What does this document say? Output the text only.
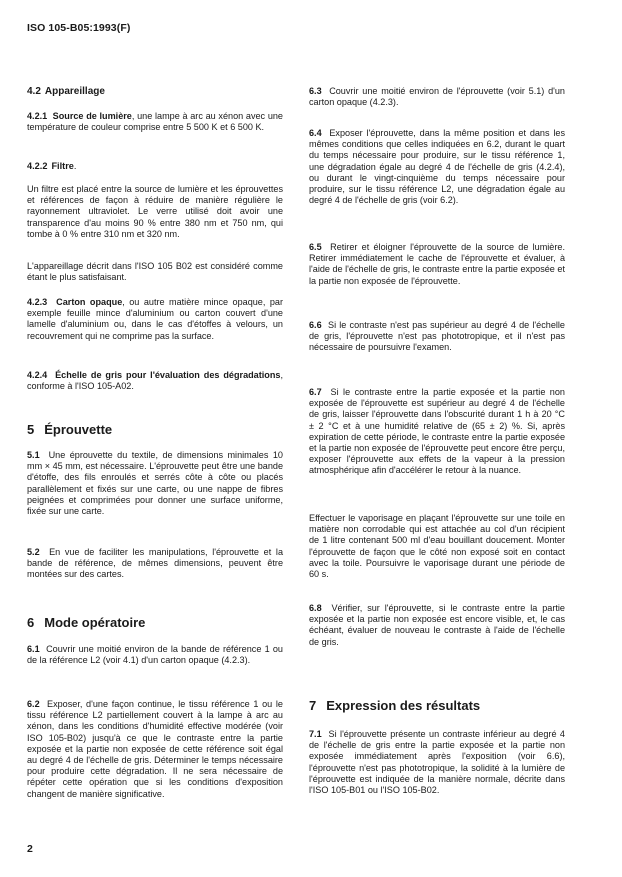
ISO 105-B05:1993(F)
4.2 Appareillage

4.2.1 Source de lumière, une lampe à arc au xénon avec une température de couleur comprise entre 5 500 K et 6 500 K.

4.2.2 Filtre.

Un filtre est placé entre la source de lumière et les éprouvettes et références de façon à réduire de manière régulière le rayonnement ultraviolet. Le verre utilisé doit avoir une transparence d'au moins 90 % entre 380 nm et 750 nm, qui tombe à 0 % entre 310 nm et 320 nm.

L'appareillage décrit dans l'ISO 105 B02 est considéré comme étant le plus satisfaisant.

4.2.3 Carton opaque, ou autre matière mince opaque, par exemple feuille mince d'aluminium ou carton couvert d'une lamelle d'aluminium ou, dans le cas d'étoffes à velours, un recouvrement qui ne comprime pas la surface.

4.2.4 Échelle de gris pour l'évaluation des dégradations, conforme à l'ISO 105-A02.

5 Éprouvette

5.1 Une éprouvette du textile, de dimensions minimales 10 mm × 45 mm, est nécessaire. L'éprouvette peut être une bande d'étoffe, des fils enroulés et serrés côte à côte ou placés parallèlement et fixés sur une carte, ou une nappe de fibres peignées et comprimées pour donner une surface uniforme, fixée sur une carte.

5.2 En vue de faciliter les manipulations, l'éprouvette et la bande de référence, de mêmes dimensions, peuvent être montées sur des cartes.

6 Mode opératoire

6.1 Couvrir une moitié environ de la bande de référence 1 ou de la référence L2 (voir 4.1) d'un carton opaque (4.2.3).

6.2 Exposer, d'une façon continue, le tissu référence 1 ou le tissu référence L2 partiellement couvert à la lampe à arc au xénon, dans les conditions d'humidité effective modérée (voir ISO 105-B02) jusqu'à ce que le contraste entre la partie exposée et la partie non exposée de cette référence soit égal au degré 4 de l'échelle de gris. Déterminer le temps nécessaire pour produire cette dégradation. Il ne sera nécessaire de répéter cette opération que si les conditions d'exposition changent de manière significative.

6.3 Couvrir une moitié environ de l'éprouvette (voir 5.1) d'un carton opaque (4.2.3).

6.4 Exposer l'éprouvette, dans la même position et dans les mêmes conditions que celles indiquées en 6.2, durant le quart du temps nécessaire pour produire, sur le tissu référence 1, une dégradation égale au degré 4 de l'échelle de gris (4.2.4), ou durant le vingt-cinquième du temps nécessaire pour produire, sur le tissu référence L2, une dégradation égale au degré 4 de l'échelle de gris (voir 6.2).

6.5 Retirer et éloigner l'éprouvette de la source de lumière. Retirer immédiatement le cache de l'éprouvette et évaluer, à l'aide de l'échelle de gris, le contraste entre la partie exposée et la partie non exposée de l'éprouvette.

6.6 Si le contraste n'est pas supérieur au degré 4 de l'échelle de gris, l'éprouvette n'est pas phototropique, et il n'est pas nécessaire de poursuivre l'examen.

6.7 Si le contraste entre la partie exposée et la partie non exposée de l'éprouvette est supérieur au degré 4 de l'échelle de gris, laisser l'éprouvette dans l'obscurité durant 1 h à 20 °C ± 2 °C et à une humidité relative de (65 ± 2) %. Si, après expiration de cette période, le contraste entre la partie exposée et la partie non exposée de l'éprouvette peut encore être perçu, exposer l'éprouvette aux effets de la vapeur à la pression atmosphérique afin d'accélérer le retour à la nuance.

Effectuer le vaporisage en plaçant l'éprouvette sur une toile en matière non corrodable qui est attachée au col d'un récipient de 1 litre contenant 500 ml d'eau bouillant doucement. Monter l'éprouvette de façon que le côté non exposé soit en contact avec la toile. Poursuivre le vaporisage durant une période de 60 s.

6.8 Vérifier, sur l'éprouvette, si le contraste entre la partie exposée et la partie non exposée est encore visible, et, le cas échéant, évaluer de nouveau le contraste à l'aide de l'échelle de gris.

7 Expression des résultats

7.1 Si l'éprouvette présente un contraste inférieur au degré 4 de l'échelle de gris entre la partie exposée et la partie non exposée immédiatement après l'exposition (voir 6.6), l'éprouvette n'est pas phototropique, la solidité à la lumière de l'éprouvette est indiquée de la manière normale, décrite dans l'ISO 105-B01 ou l'ISO 105-B02.

2
